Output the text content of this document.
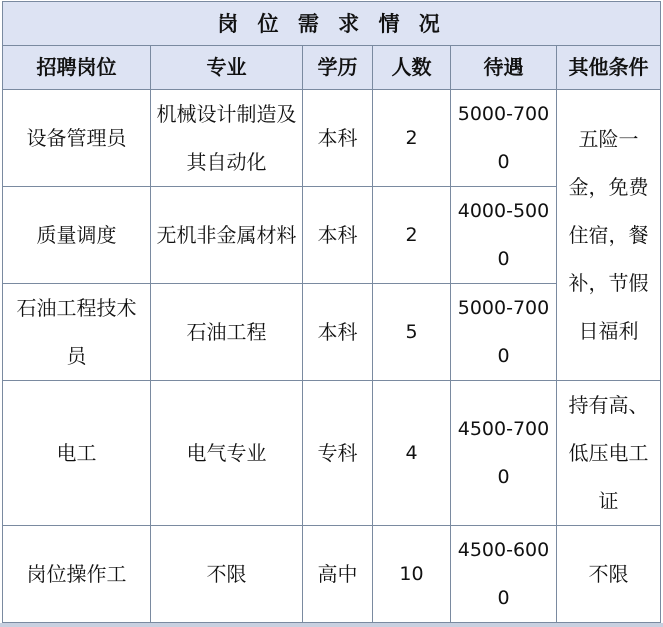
岗 位 需 求 情 况					
招聘岗位	专业	学历	人数	待遇	其他条件
设备管理员	机械设计制造及其自动化	本科	2	5000-7000	五险一金，免费住宿，餐补，节假日福利
质量调度	无机非金属材料	本科	2	4000-5000	
石油工程技术员	石油工程	本科	5	5000-7000	
电工	电气专业	专科	4	4500-7000	持有高、低压电工证
岗位操作工	不限	高中	10	4500-6000	不限
